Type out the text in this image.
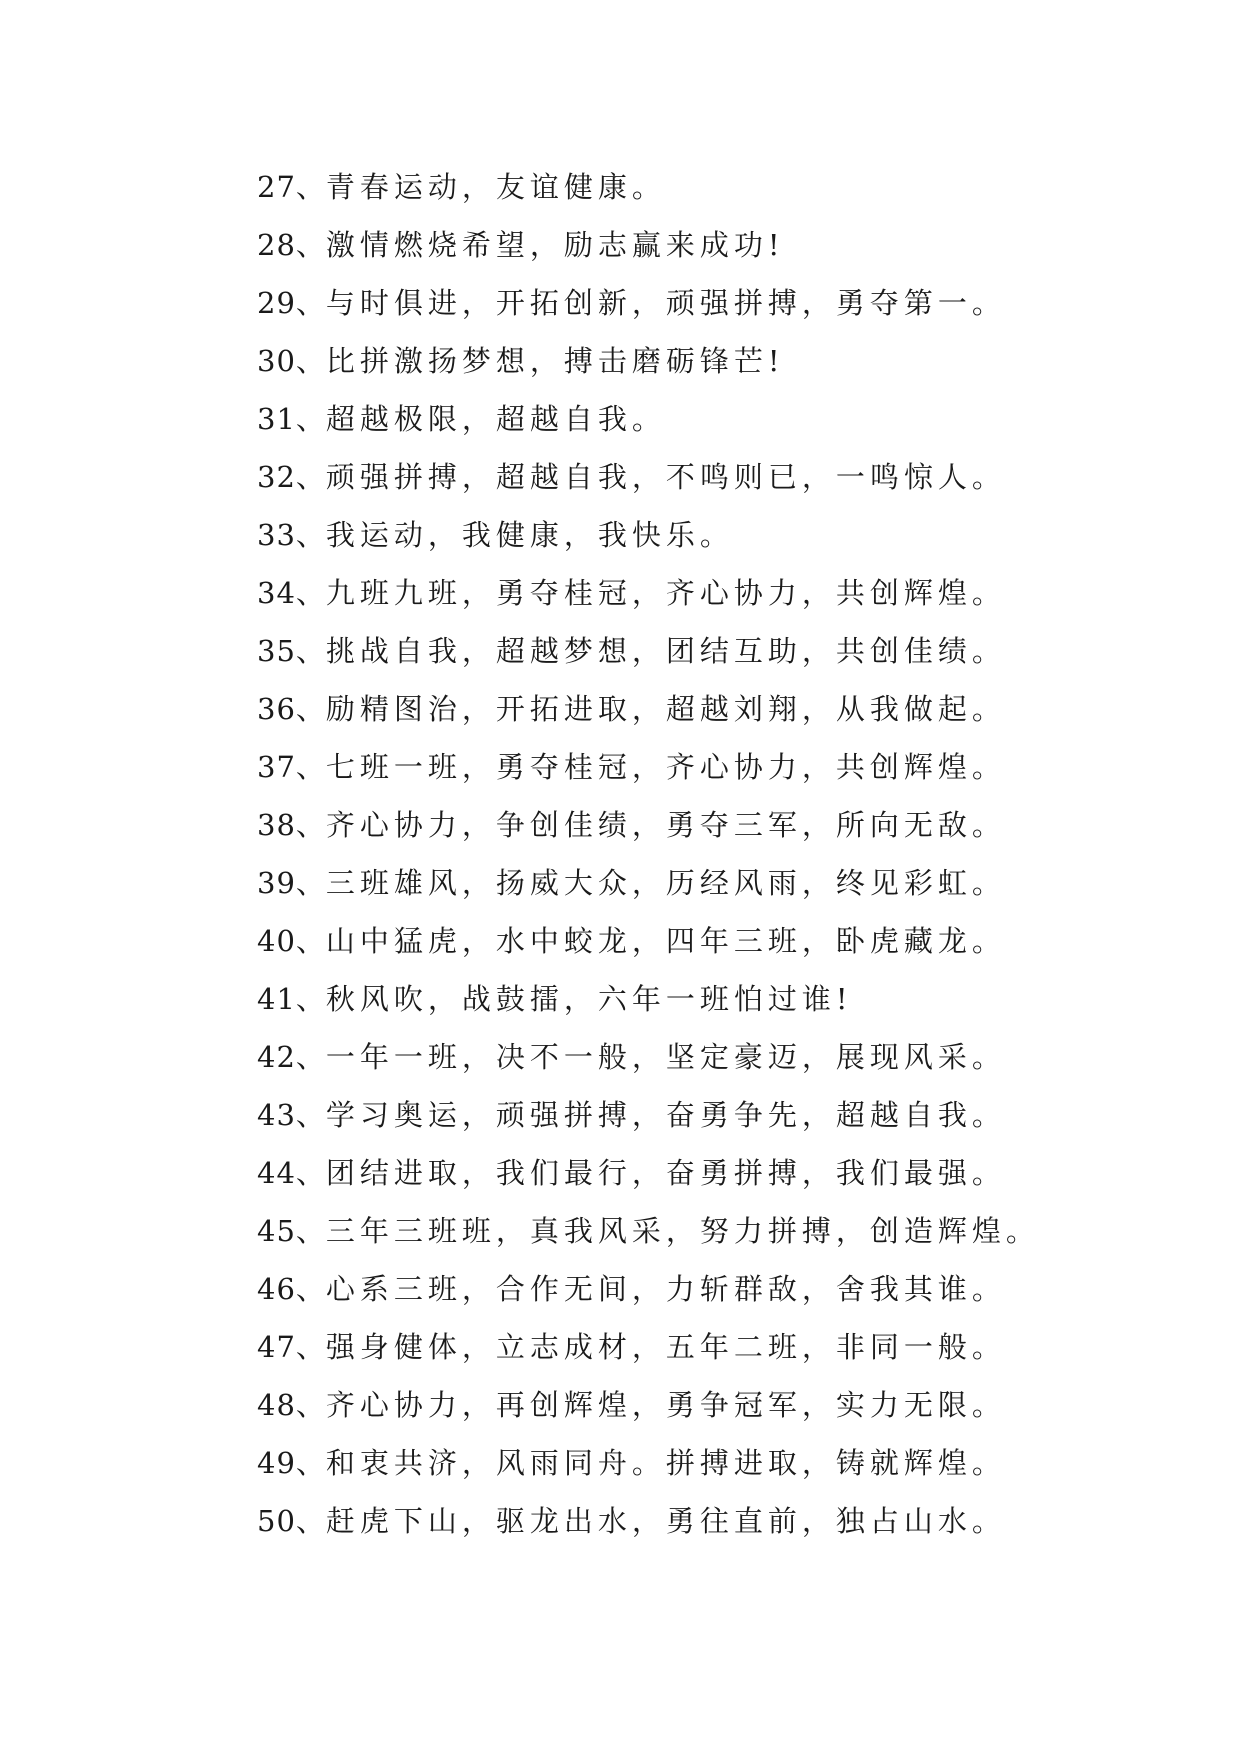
27、青春运动，友谊健康。
28、激情燃烧希望，励志赢来成功!
29、与时俱进，开拓创新，顽强拼搏，勇夺第一。
30、比拼激扬梦想，搏击磨砺锋芒!
31、超越极限，超越自我。
32、顽强拼搏，超越自我，不鸣则已，一鸣惊人。
33、我运动，我健康，我快乐。
34、九班九班，勇夺桂冠，齐心协力，共创辉煌。
35、挑战自我，超越梦想，团结互助，共创佳绩。
36、励精图治，开拓进取，超越刘翔，从我做起。
37、七班一班，勇夺桂冠，齐心协力，共创辉煌。
38、齐心协力，争创佳绩，勇夺三军，所向无敌。
39、三班雄风，扬威大众，历经风雨，终见彩虹。
40、山中猛虎，水中蛟龙，四年三班，卧虎藏龙。
41、秋风吹，战鼓擂，六年一班怕过谁!
42、一年一班，决不一般，坚定豪迈，展现风采。
43、学习奥运，顽强拼搏，奋勇争先，超越自我。
44、团结进取，我们最行，奋勇拼搏，我们最强。
45、三年三班班，真我风采，努力拼搏，创造辉煌。
46、心系三班，合作无间，力斩群敌，舍我其谁。
47、强身健体，立志成材，五年二班，非同一般。
48、齐心协力，再创辉煌，勇争冠军，实力无限。
49、和衷共济，风雨同舟。拼搏进取，铸就辉煌。
50、赶虎下山，驱龙出水，勇往直前，独占山水。
